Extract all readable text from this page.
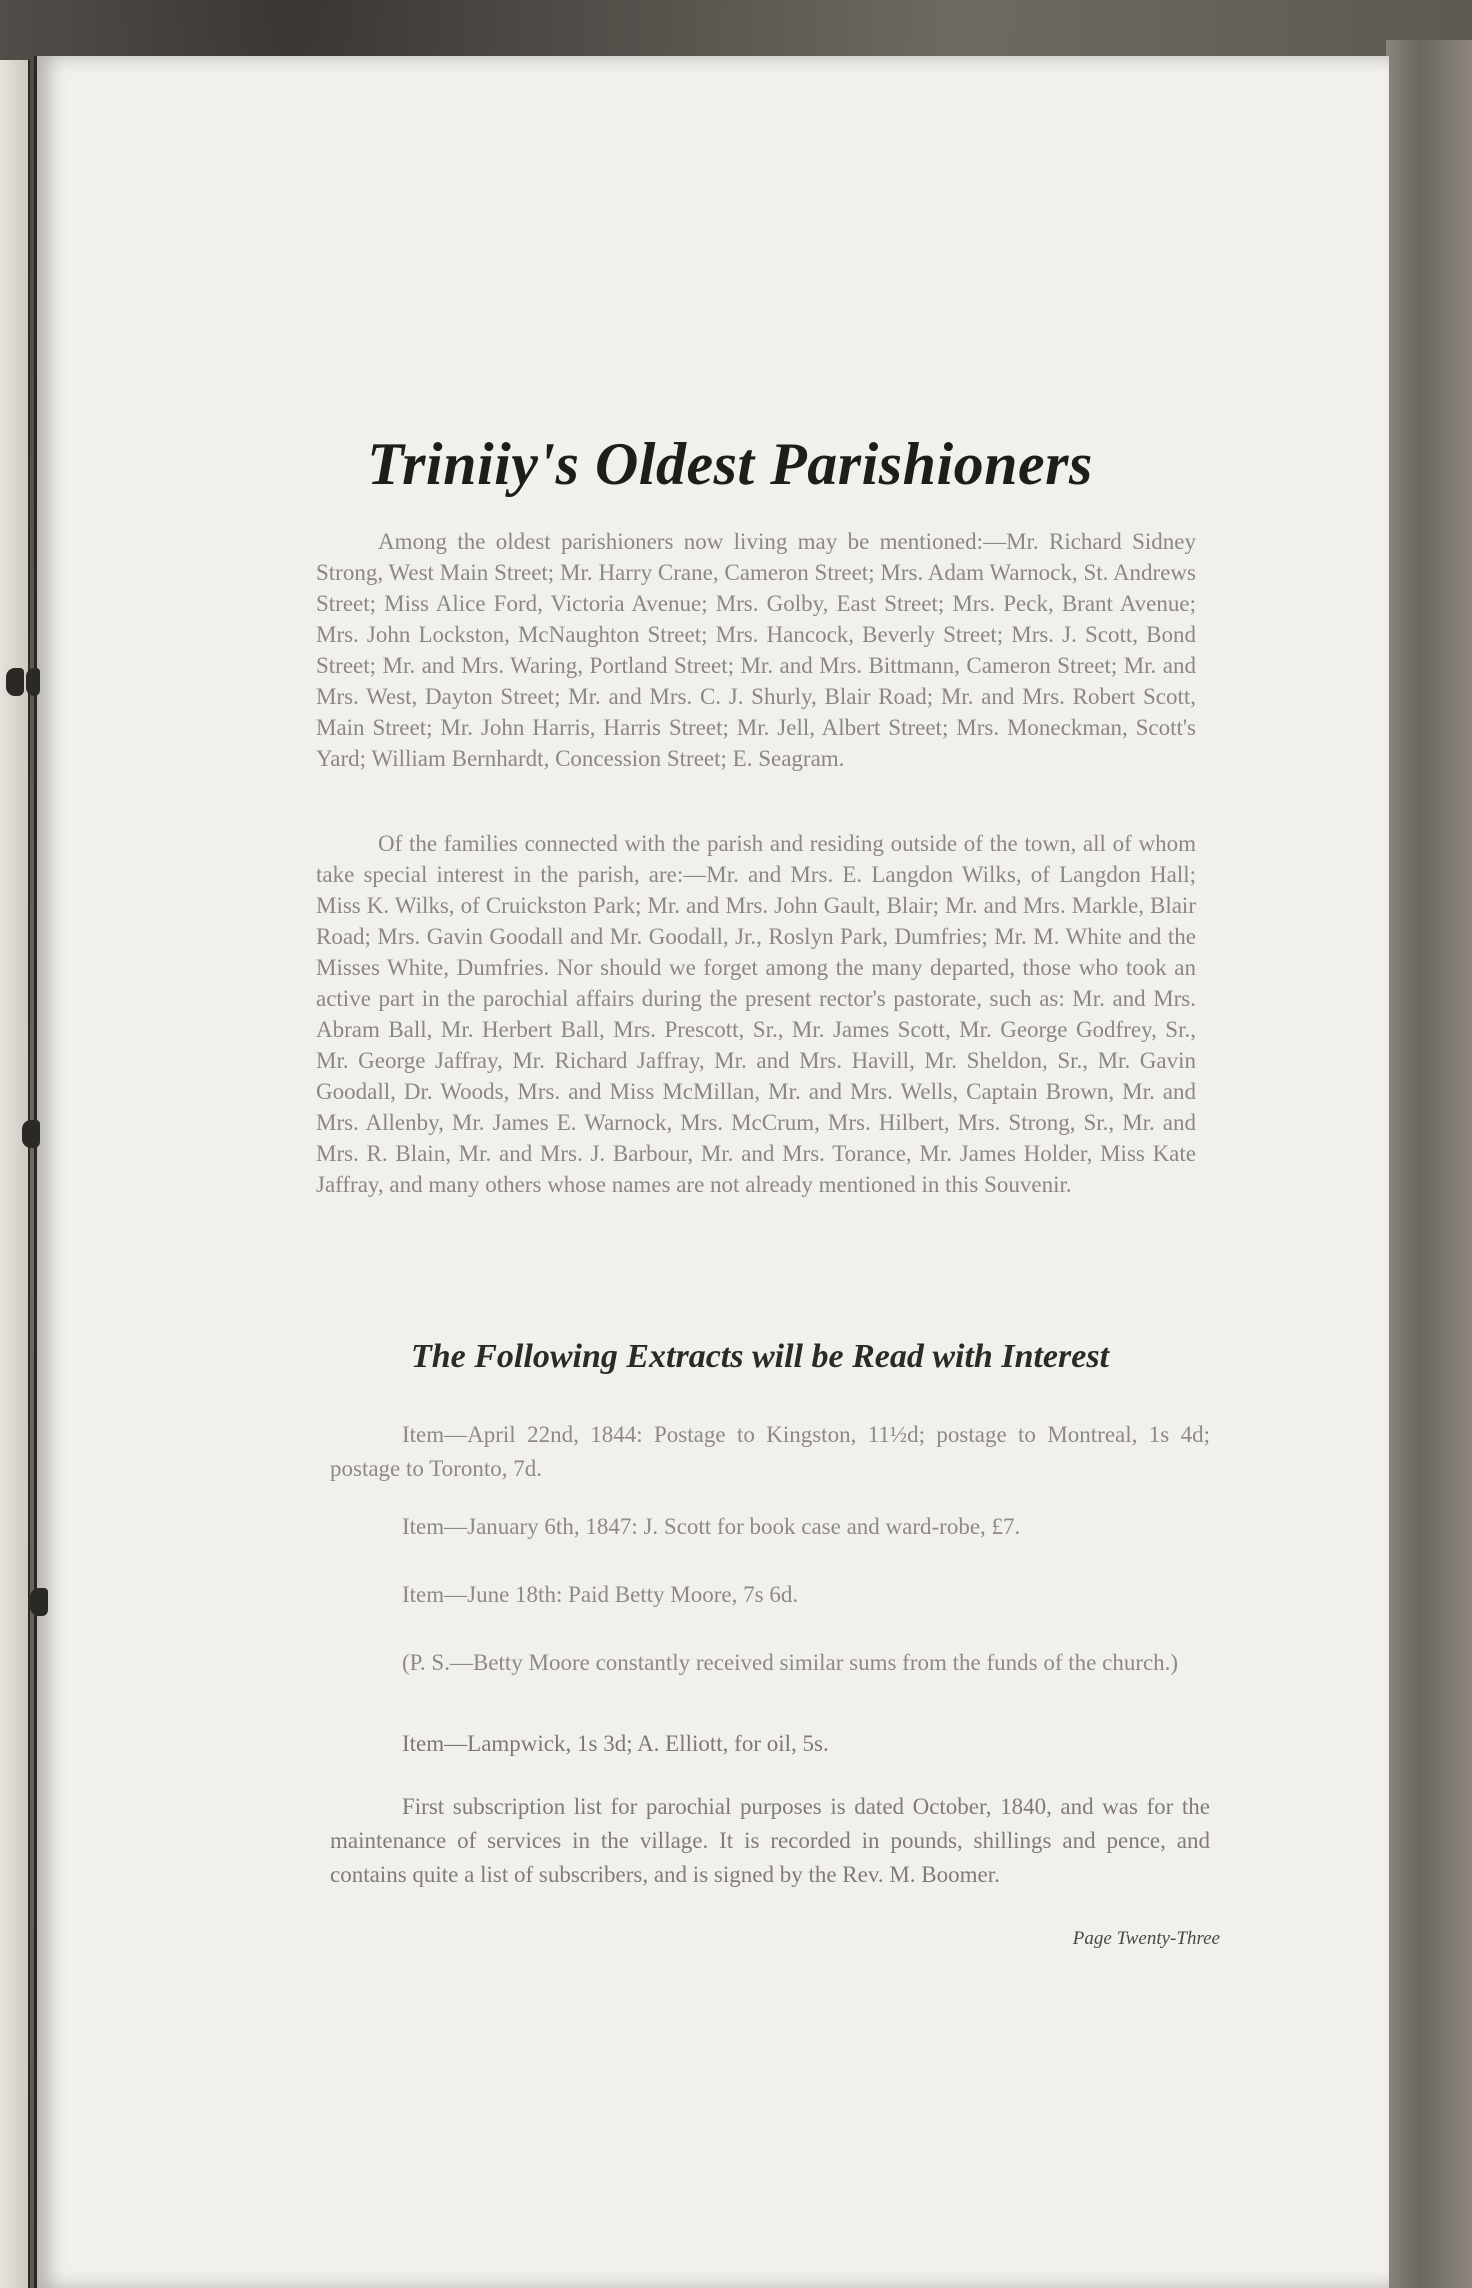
Triniiy's Oldest Parishioners

Among the oldest parishioners now living may be mentioned:—Mr. Richard Sidney Strong, West Main Street; Mr. Harry Crane, Cameron Street; Mrs. Adam Warnock, St. Andrews Street; Miss Alice Ford, Victoria Avenue; Mrs. Golby, East Street; Mrs. Peck, Brant Avenue; Mrs. John Lockston, McNaughton Street; Mrs. Hancock, Beverly Street; Mrs. J. Scott, Bond Street; Mr. and Mrs. Waring, Portland Street; Mr. and Mrs. Bittmann, Cameron Street; Mr. and Mrs. West, Dayton Street; Mr. and Mrs. C. J. Shurly, Blair Road; Mr. and Mrs. Robert Scott, Main Street; Mr. John Harris, Harris Street; Mr. Jell, Albert Street; Mrs. Moneckman, Scott's Yard; William Bernhardt, Concession Street; E. Seagram.

Of the families connected with the parish and residing outside of the town, all of whom take special interest in the parish, are:—Mr. and Mrs. E. Langdon Wilks, of Langdon Hall; Miss K. Wilks, of Cruickston Park; Mr. and Mrs. John Gault, Blair; Mr. and Mrs. Markle, Blair Road; Mrs. Gavin Goodall and Mr. Goodall, Jr., Roslyn Park, Dumfries; Mr. M. White and the Misses White, Dumfries. Nor should we forget among the many departed, those who took an active part in the parochial affairs during the present rector's pastorate, such as: Mr. and Mrs. Abram Ball, Mr. Herbert Ball, Mrs. Prescott, Sr., Mr. James Scott, Mr. George Godfrey, Sr., Mr. George Jaffray, Mr. Richard Jaffray, Mr. and Mrs. Havill, Mr. Sheldon, Sr., Mr. Gavin Goodall, Dr. Woods, Mrs. and Miss McMillan, Mr. and Mrs. Wells, Captain Brown, Mr. and Mrs. Allenby, Mr. James E. Warnock, Mrs. McCrum, Mrs. Hilbert, Mrs. Strong, Sr., Mr. and Mrs. R. Blain, Mr. and Mrs. J. Barbour, Mr. and Mrs. Torance, Mr. James Holder, Miss Kate Jaffray, and many others whose names are not already mentioned in this Souvenir.

The Following Extracts will be Read with Interest

Item—April 22nd, 1844: Postage to Kingston, 11½d; postage to Montreal, 1s 4d; postage to Toronto, 7d.

Item—January 6th, 1847: J. Scott for book case and ward-robe, £7.

Item—June 18th: Paid Betty Moore, 7s 6d.

(P. S.—Betty Moore constantly received similar sums from the funds of the church.)

Item—Lampwick, 1s 3d; A. Elliott, for oil, 5s.

First subscription list for parochial purposes is dated October, 1840, and was for the maintenance of services in the village. It is recorded in pounds, shillings and pence, and contains quite a list of subscribers, and is signed by the Rev. M. Boomer.

Page Twenty-Three
